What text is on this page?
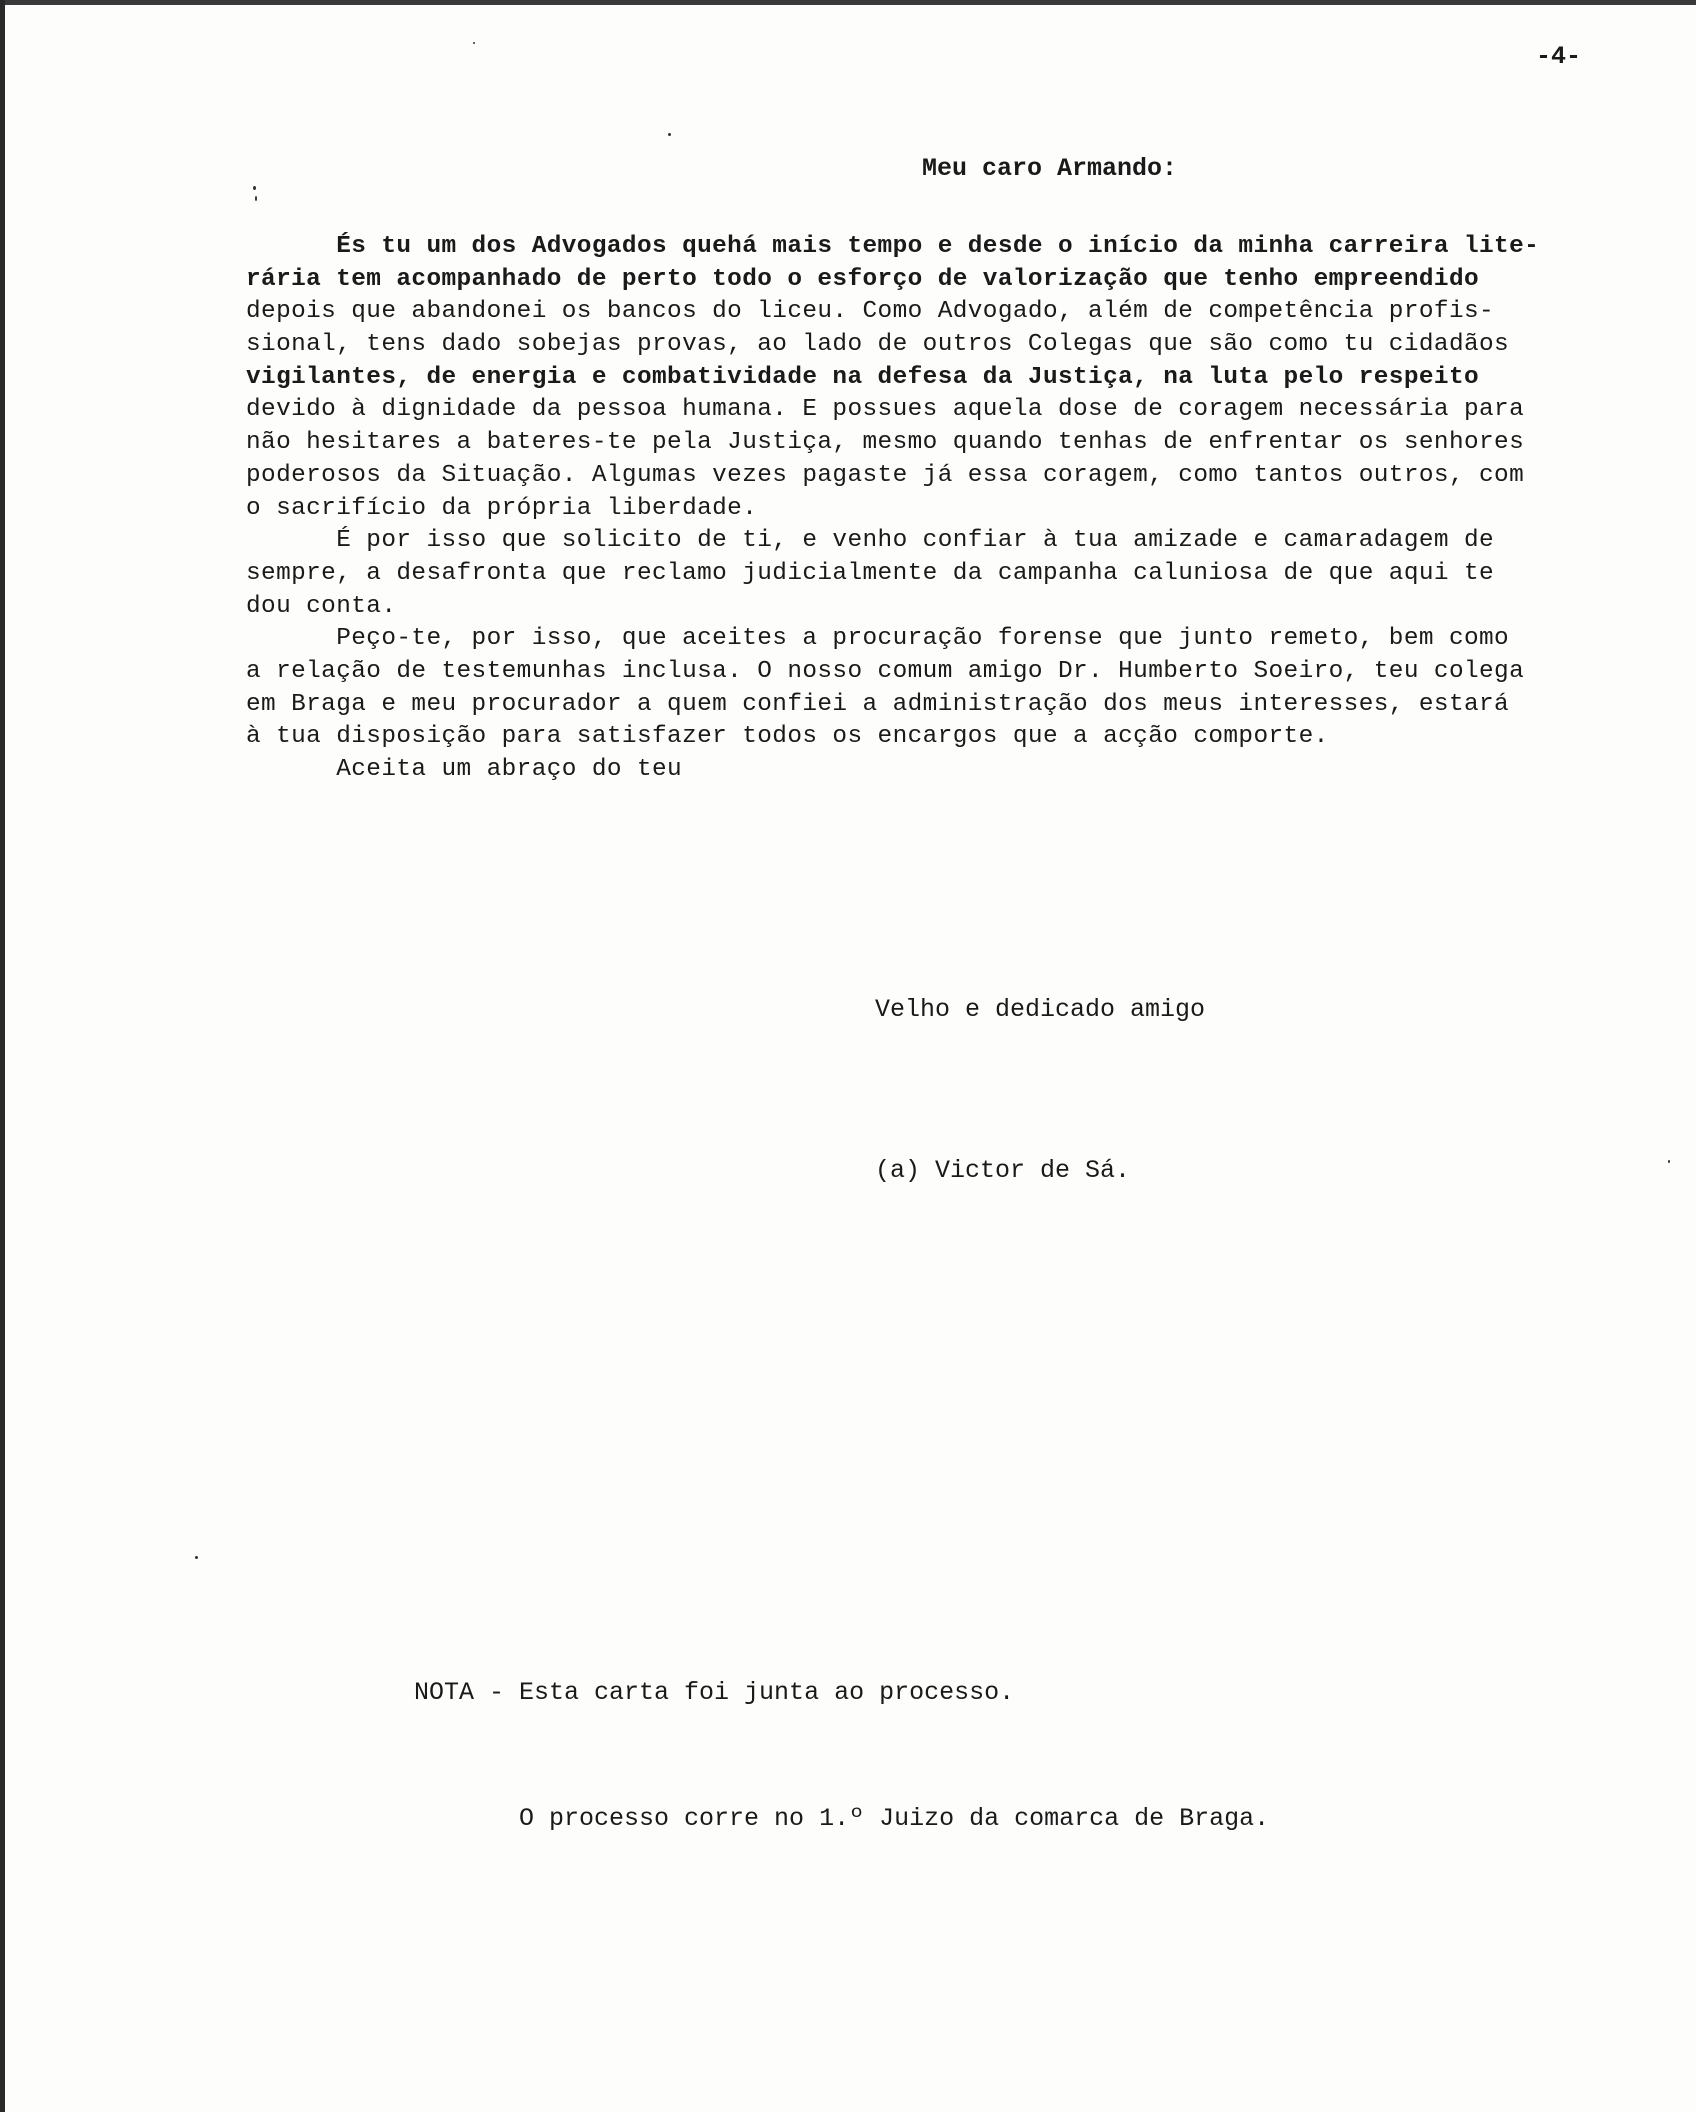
-4-
Meu caro Armando:
És tu um dos Advogados quehá mais tempo e desde o início da minha carreira lite-
rária tem acompanhado de perto todo o esforço de valorização que tenho empreendido
depois que abandonei os bancos do liceu. Como Advogado, além de competência profis-
sional, tens dado sobejas provas, ao lado de outros Colegas que são como tu cidadãos
vigilantes, de energia e combatividade na defesa da Justiça, na luta pelo respeito
devido à dignidade da pessoa humana. E possues aquela dose de coragem necessária para
não hesitares a bateres-te pela Justiça, mesmo quando tenhas de enfrentar os senhores
poderosos da Situação. Algumas vezes pagaste já essa coragem, como tantos outros, com
o sacrifício da própria liberdade.
É por isso que solicito de ti, e venho confiar à tua amizade e camaradagem de
sempre, a desafronta que reclamo judicialmente da campanha caluniosa de que aqui te
dou conta.
Peço-te, por isso, que aceites a procuração forense que junto remeto, bem como
a relação de testemunhas inclusa. O nosso comum amigo Dr. Humberto Soeiro, teu colega
em Braga e meu procurador a quem confiei a administração dos meus interesses, estará
à tua disposição para satisfazer todos os encargos que a acção comporte.
Aceita um abraço do teu
Velho e dedicado amigo
(a) Victor de Sá.

NOTA - Esta carta foi junta ao processo.

O processo corre no 1.º Juizo da comarca de Braga.
